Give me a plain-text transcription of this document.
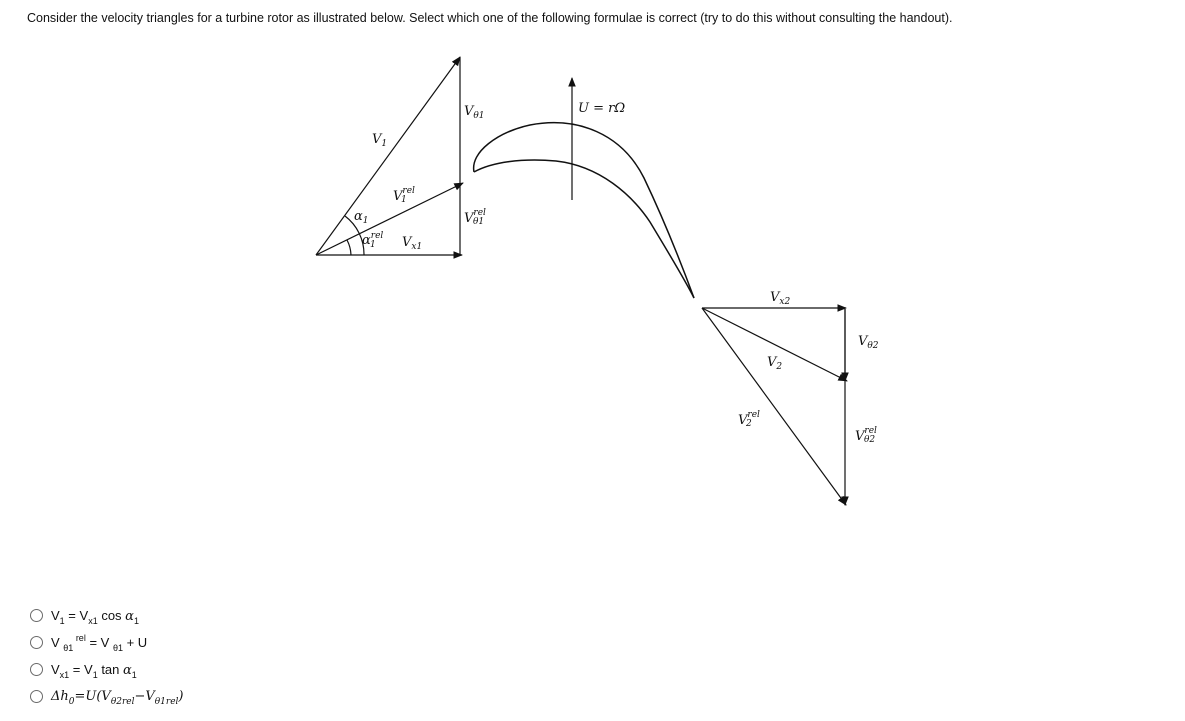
Consider the velocity triangles for a turbine rotor as illustrated below. Select which one of the following formulae is correct (try to do this without consulting the handout).
$V_1$
$V_{\theta 1}$
$V^{rel}$ 1
$\alpha_1$	$V^{rel}$ θ1
$\alpha^{rel}$ 1	$V_{x1}$
U = rΩ
$V_{x2}$
$V_{\theta 2}$
$V_2$
$V^{rel}$ 2
$V^{rel}$ θ2
$V_1 = V_{x1}$ $\cos \alpha_1$
V $_{\theta 1}$ $^{rel}$ = V $_{\theta 1}$ + U
$V_{x1} = V_1$ $\tan \alpha_1$
$\Delta h_0=U(V_{\theta 2rel}-V_{\theta 1rel})$
